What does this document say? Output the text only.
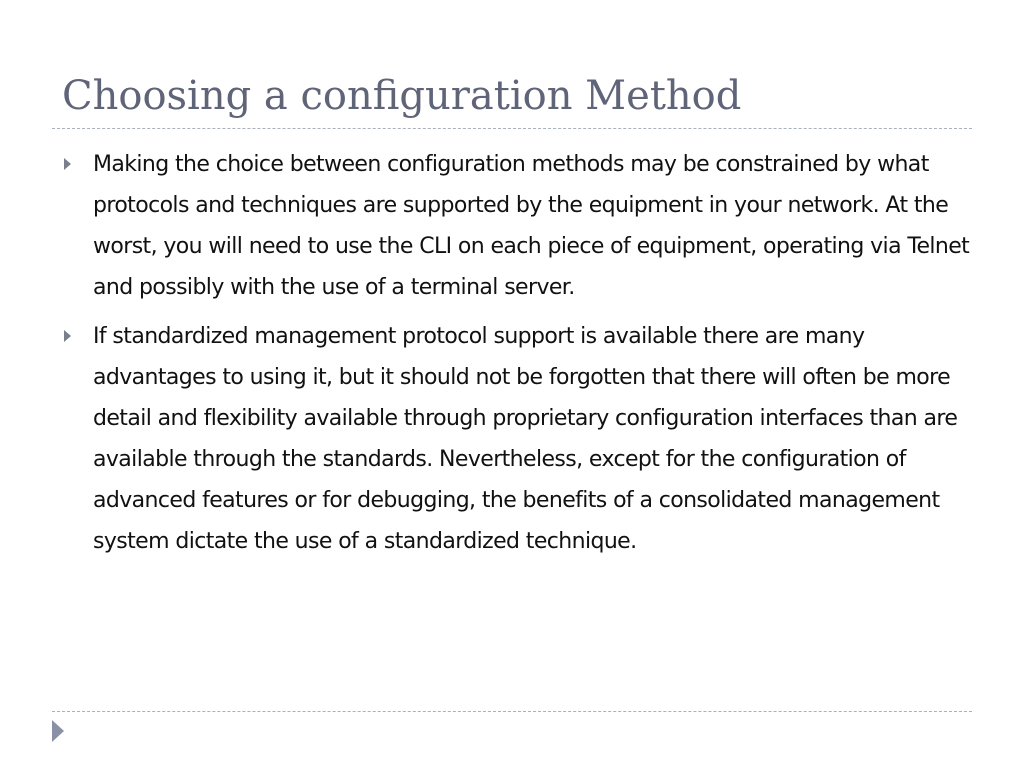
Choosing a configuration Method
Making the choice between configuration methods may be constrained by what protocols and techniques are supported by the equipment in your network. At the worst, you will need to use the CLI on each piece of equipment, operating via Telnet and possibly with the use of a terminal server.
If standardized management protocol support is available there are many advantages to using it, but it should not be forgotten that there will often be more detail and flexibility available through proprietary configuration interfaces than are available through the standards. Nevertheless, except for the configuration of advanced features or for debugging, the benefits of a consolidated management system dictate the use of a standardized technique.
